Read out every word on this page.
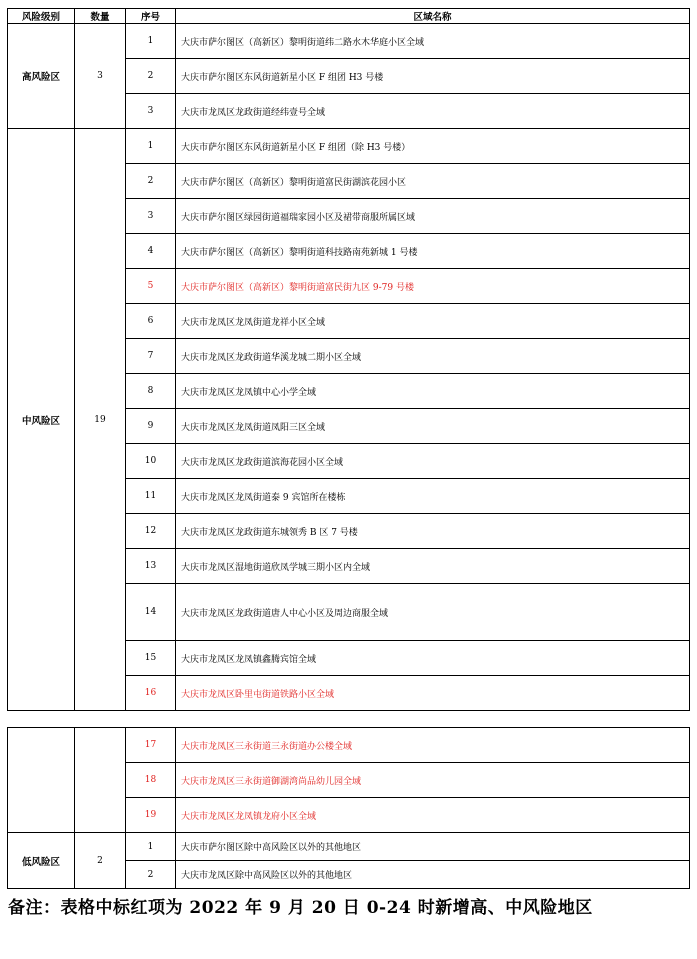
风险级别	数量	序号	区域名称
高风险区	3	1	大庆市萨尔图区（高新区）黎明街道纬二路水木华庭小区全域
		2	大庆市萨尔图区东风街道新星小区 F 组团 H3 号楼
		3	大庆市龙凤区龙政街道经纬壹号全域
中风险区	19	1	大庆市萨尔图区东风街道新星小区 F 组团（除 H3 号楼）
		2	大庆市萨尔图区（高新区）黎明街道富民街湖滨花园小区
		3	大庆市萨尔图区绿园街道福瑞家园小区及裙带商服所属区域
		4	大庆市萨尔图区（高新区）黎明街道科技路南苑新城 1 号楼
		5	大庆市萨尔图区（高新区）黎明街道富民街九区 9-79 号楼
		6	大庆市龙凤区龙凤街道龙祥小区全域
		7	大庆市龙凤区龙政街道华溪龙城二期小区全域
		8	大庆市龙凤区龙凤镇中心小学全域
		9	大庆市龙凤区龙凤街道凤阳三区全域
		10	大庆市龙凤区龙政街道滨海花园小区全域
		11	大庆市龙凤区龙凤街道泰 9 宾馆所在楼栋
		12	大庆市龙凤区龙政街道东城领秀 B 区 7 号楼
		13	大庆市龙凤区湿地街道欣凤学城三期小区内全域
		14	大庆市龙凤区龙政街道唐人中心小区及周边商服全域
		15	大庆市龙凤区龙凤镇鑫腾宾馆全域
		16	大庆市龙凤区卧里屯街道铁路小区全域
		17	大庆市龙凤区三永街道三永街道办公楼全域
		18	大庆市龙凤区三永街道御湖湾尚品幼儿园全域
		19	大庆市龙凤区龙凤镇龙府小区全域
低风险区	2	1	大庆市萨尔图区除中高风险区以外的其他地区
		2	大庆市龙凤区除中高风险区以外的其他地区
备注：表格中标红项为 2022 年 9 月 20 日 0-24 时新增高、中风险地区
